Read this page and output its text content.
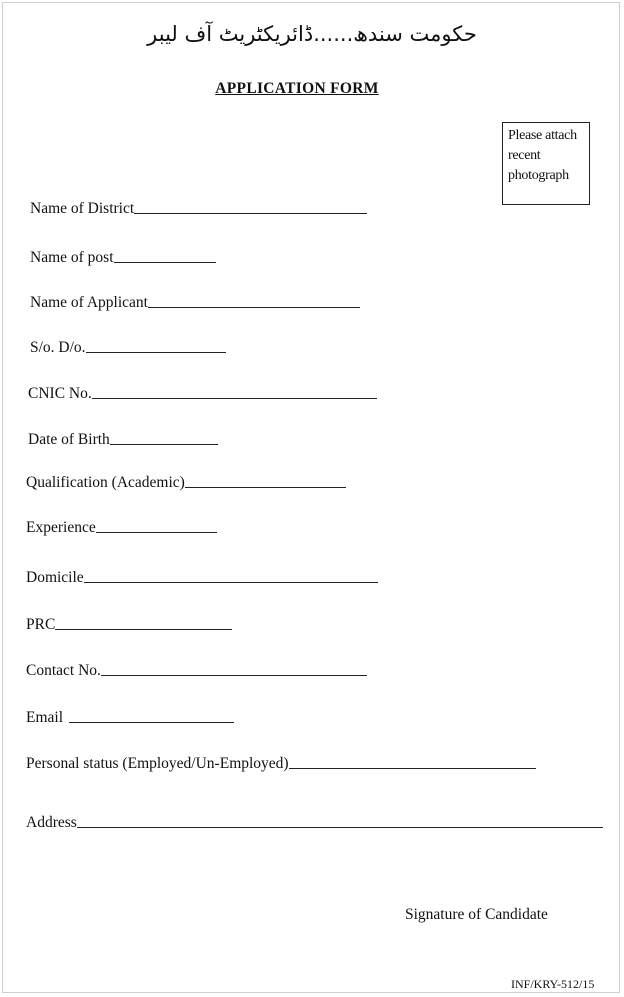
حکومت سندھ......ڈائریکٹریٹ آف لیبر
APPLICATION FORM
Please attach
recent
photograph
Name of District
Name of post
Name of Applicant
S/o. D/o.
CNIC No.
Date of Birth
Qualification (Academic)
Experience
Domicile
PRC
Contact No.
Email
Personal status (Employed/Un-Employed)
Address
Signature of Candidate
INF/KRY-512/15
